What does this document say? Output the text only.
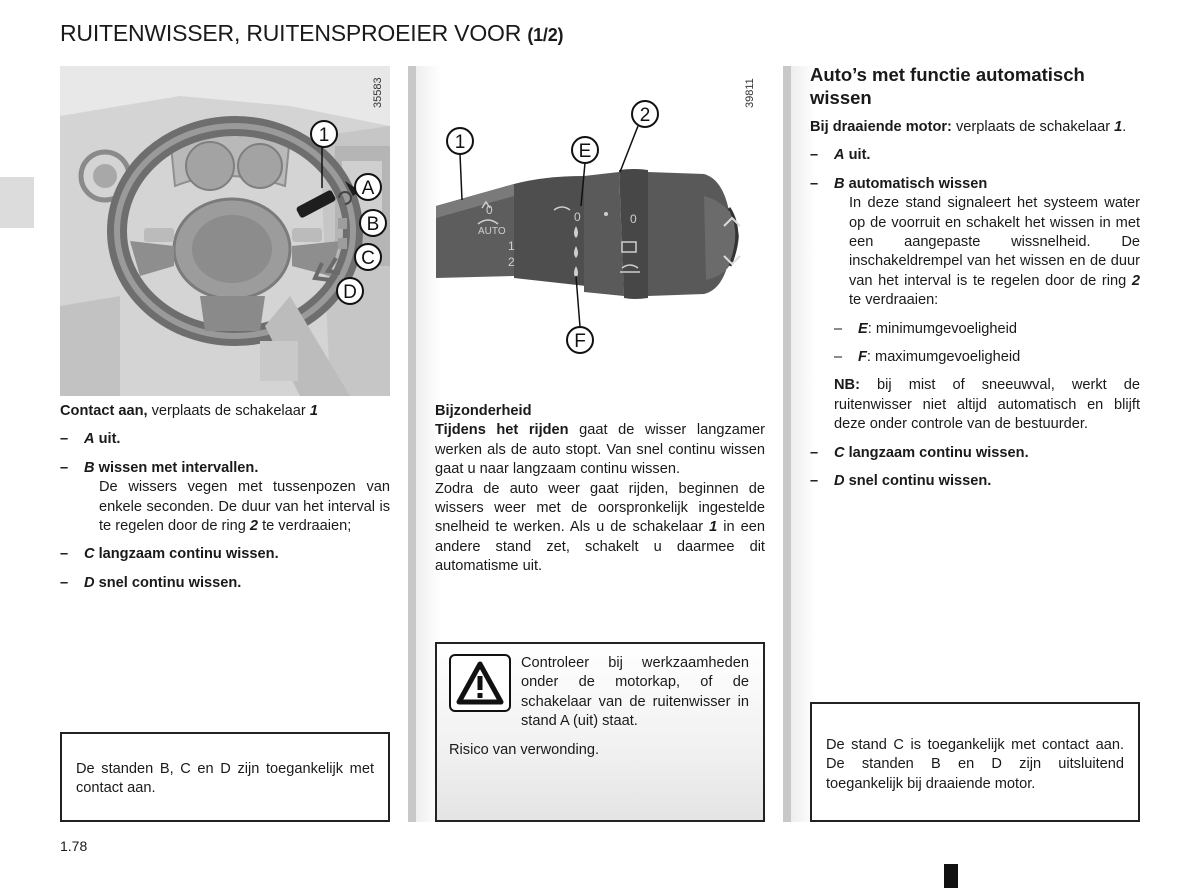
RUITENWISSER, RUITENSPROEIER VOOR (1/2)
1
A
B
C
D
35583
0
AUTO
1
2
0	0
1
2
E
F
39811

Contact aan, verplaats de schakelaar 1

–	A uit.
–	B wissen met intervallen.
De wissers vegen met tussenpozen van enkele seconden. De duur van het interval is te regelen door de ring 2 te verdraaien;
–	C langzaam continu wissen.
–	D snel continu wissen.
De standen B, C en D zijn toegankelijk met contact aan.
Bijzonderheid
Tijdens het rijden gaat de wisser langzamer werken als de auto stopt. Van snel continu wissen gaat u naar langzaam continu wissen.
Zodra de auto weer gaat rijden, beginnen de wissers weer met de oorspronkelijk ingestelde snelheid te werken. Als u de schakelaar 1 in een andere stand zet, schakelt u daarmee dit automatisme uit.
Controleer bij werkzaamheden onder de motorkap, of de schakelaar van de ruitenwisser in stand A (uit) staat.
Risico van verwonding.
Auto’s met functie automatisch wissen

Bij draaiende motor: verplaats de schakelaar 1.

–	A uit.
–	B automatisch wissen
In deze stand signaleert het systeem water op de voorruit en schakelt het wissen in met een aangepaste wissnelheid. De inschakeldrempel van het wissen en de duur van het interval is te regelen door de ring 2 te verdraaien:
–	E: minimumgevoeligheid
–	F: maximumgevoeligheid
NB: bij mist of sneeuwval, werkt de ruitenwisser niet altijd automatisch en blijft deze onder controle van de bestuurder.
–	C langzaam continu wissen.
–	D snel continu wissen.
De stand C is toegankelijk met contact aan. De standen B en D zijn uitsluitend toegankelijk bij draaiende motor.
1.78
